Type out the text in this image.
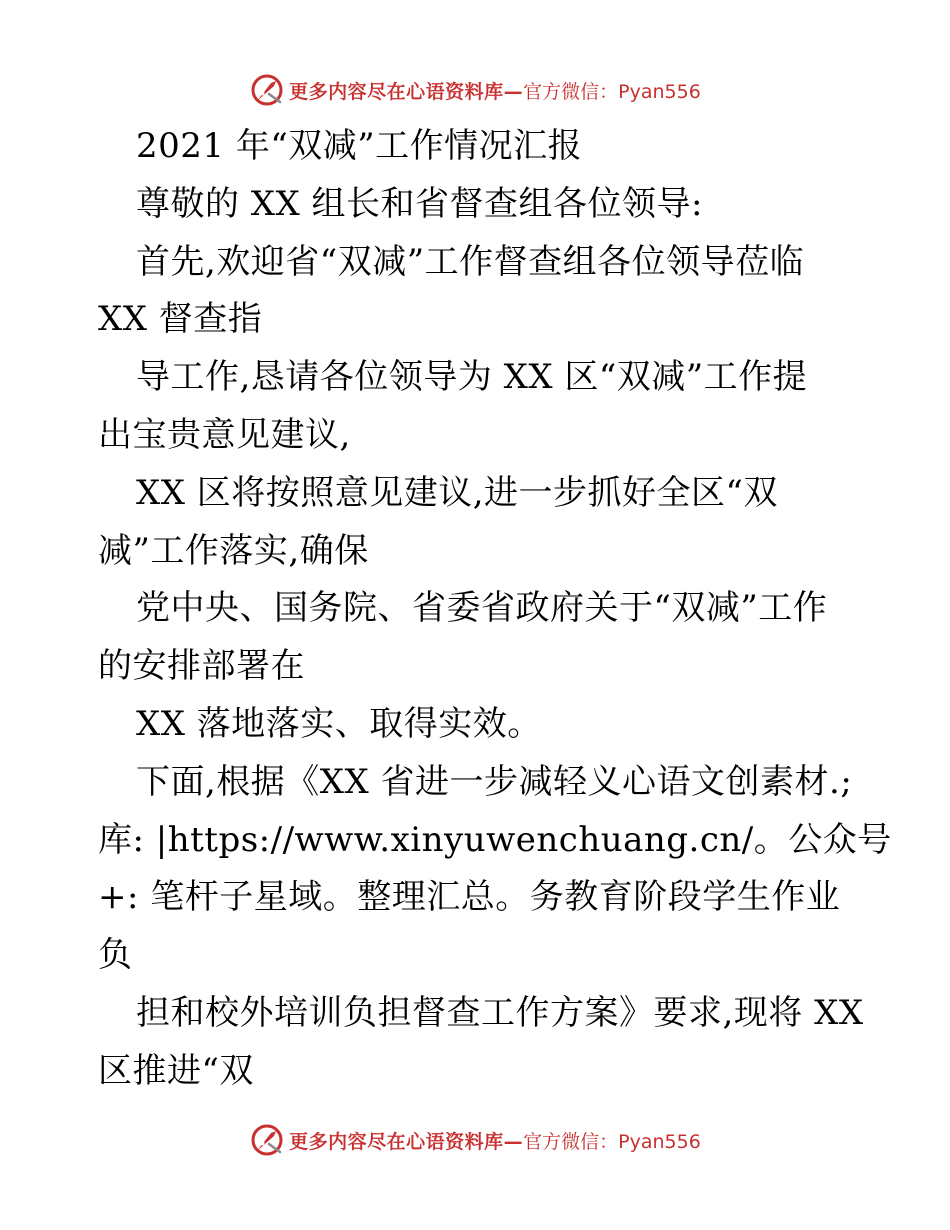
更多内容尽在心语资料库— 官方微信：Pyan556
2021 年“双减”工作情况汇报
尊敬的 XX 组长和省督查组各位领导:
首先,欢迎省“双减”工作督查组各位领导莅临
XX 督查指
导工作,恳请各位领导为 XX 区“双减”工作提
出宝贵意见建议,
XX 区将按照意见建议,进一步抓好全区“双
减”工作落实,确保
党中央、国务院、省委省政府关于“双减”工作
的安排部署在
XX 落地落实、取得实效。
下面,根据《XX 省进一步减轻义心语文创素材.;
库: |https://www.xinyuwenchuang.cn/。公众号
+: 笔杆子星域。整理汇总。务教育阶段学生作业
负
担和校外培训负担督查工作方案》要求,现将 XX
区推进“双
更多内容尽在心语资料库— 官方微信：Pyan556
